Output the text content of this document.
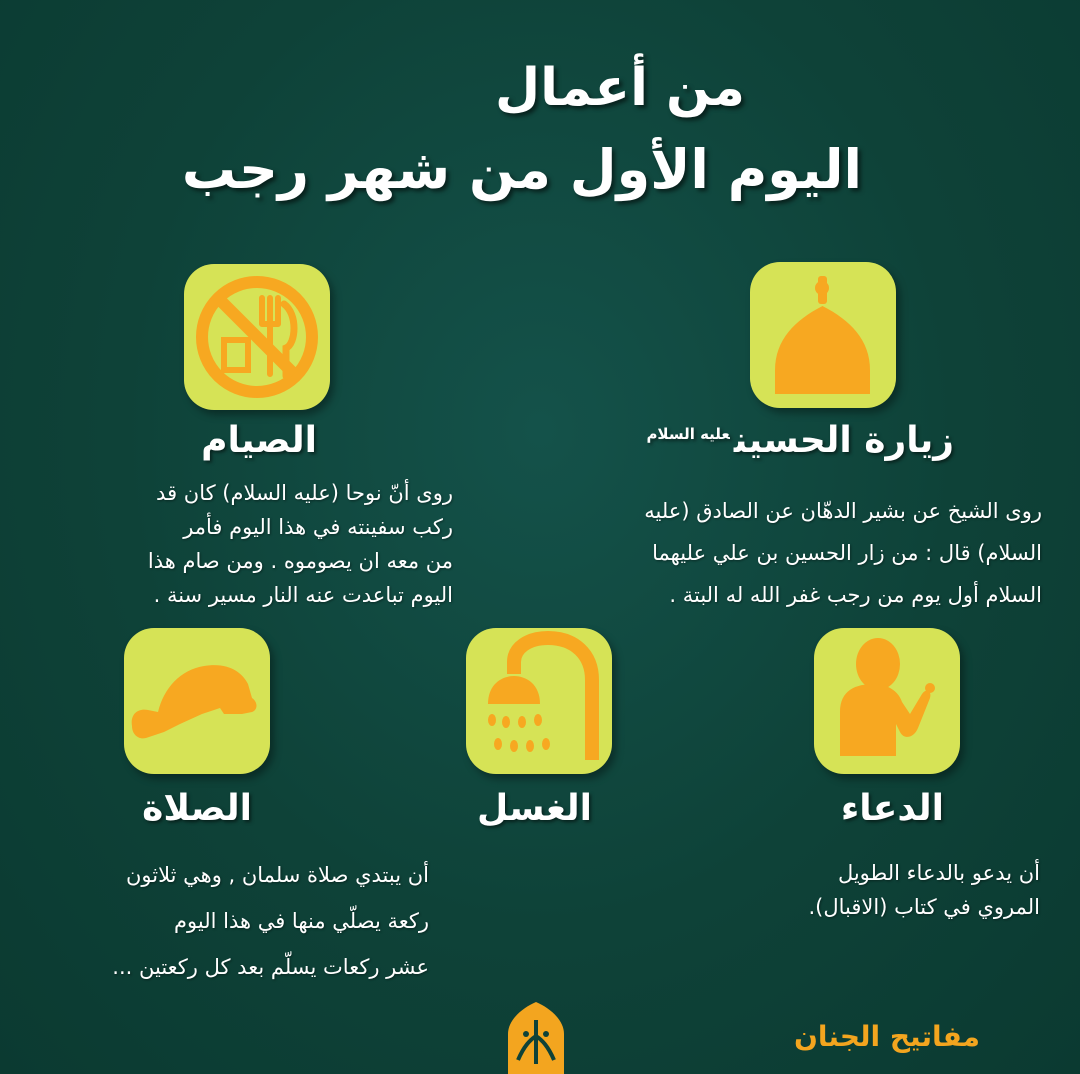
من أعمال
اليوم الأول من شهر رجب
زيارة الحسين$^{عليه السلام}$
روى الشيخ عن بشير الدهّان عن الصادق (عليه
السلام) قال : من زار الحسين بن علي عليهما
السلام أول يوم من رجب غفر الله له البتة .
الصيام
روى أنّ نوحا (عليه السلام) كان قد
ركب سفينته في هذا اليوم فأمر
من معه ان يصوموه . ومن صام هذا
اليوم تباعدت عنه النار مسير سنة .
الدعاء
أن يدعو بالدعاء الطويل
المروي في كتاب (الاقبال).
الغسل
الصلاة
أن يبتدي صلاة سلمان , وهي ثلاثون
ركعة يصلّي منها في هذا اليوم
عشر ركعات يسلّم بعد كل ركعتين ...
مفاتيح الجنان
